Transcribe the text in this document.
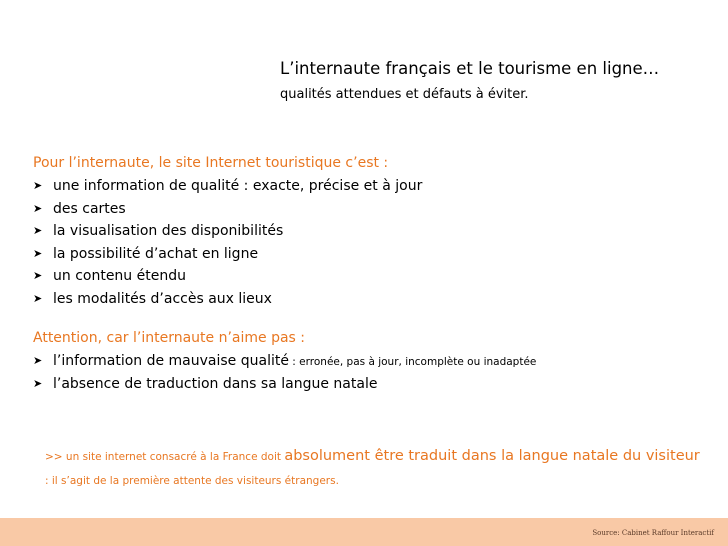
L’internaute français et le tourisme en ligne…
qualités attendues et défauts à éviter.
Pour l’internaute, le site Internet touristique c’est :
➤ une information de qualité : exacte, précise et à jour
➤ des cartes
➤ la visualisation des disponibilités
➤ la possibilité d’achat en ligne
➤ un contenu étendu
➤ les modalités d’accès aux lieux
Attention, car l’internaute n’aime pas :
➤ l’information de mauvaise qualité : erronée, pas à jour, incomplète ou inadaptée
➤ l’absence de traduction dans sa langue natale
>> un site internet consacré à la France doit absolument être traduit dans la langue natale du visiteur : il s’agit de la première attente des visiteurs étrangers.
Source: Cabinet Raffour Interactif
